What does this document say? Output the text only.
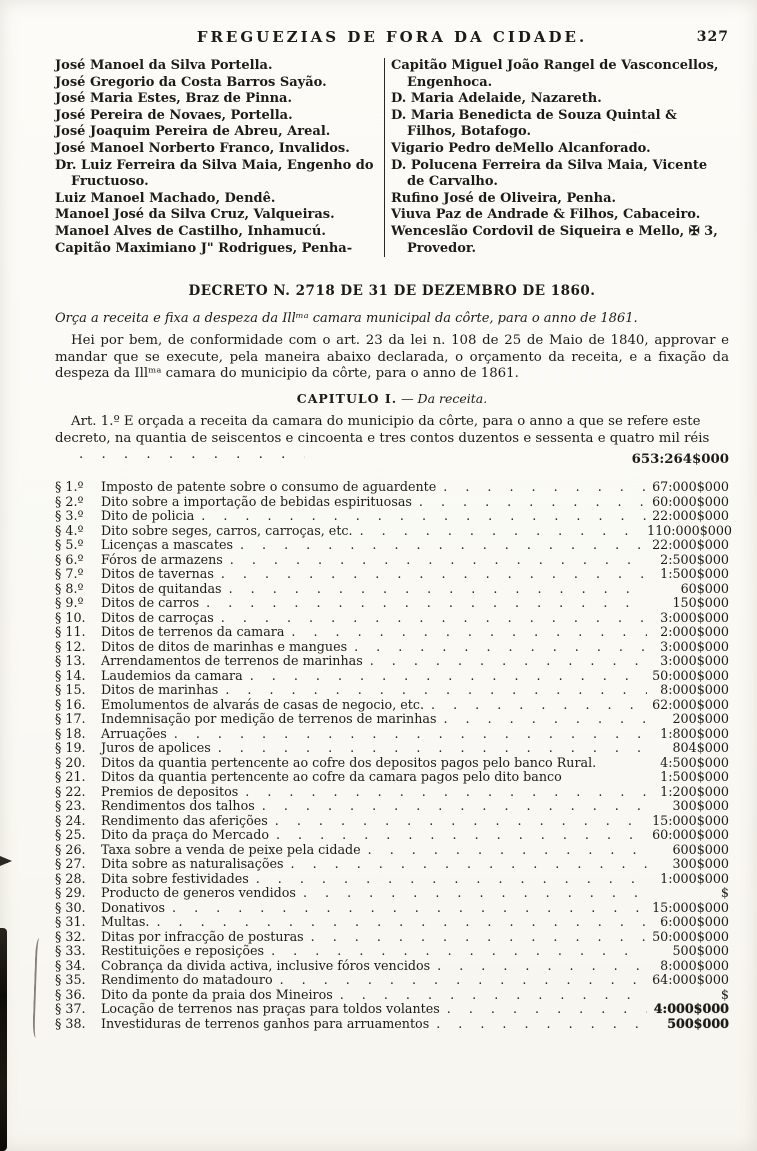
FREGUEZIAS DE FORA DA CIDADE.	327
José Manoel da Silva Portella.
José Gregorio da Costa Barros Sayão.
José Maria Estes, Braz de Pinna.
José Pereira de Novaes, Portella.
José Joaquim Pereira de Abreu, Areal.
José Manoel Norberto Franco, Invalidos.
Dr. Luiz Ferreira da Silva Maia, Engenho do Fructuoso.
Luiz Manoel Machado, Dendê.
Manoel José da Silva Cruz, Valqueiras.
Manoel Alves de Castilho, Inhamucú.
Capitão Maximiano J" Rodrigues, Penha-
Capitão Miguel João Rangel de Vasconcellos, Engenhoca.
D. Maria Adelaide, Nazareth.
D. Maria Benedicta de Souza Quintal & Filhos, Botafogo.
Vigario Pedro deMello Alcanforado.
D. Polucena Ferreira da Silva Maia, Vicente de Carvalho.
Rufino José de Oliveira, Penha.
Viuva Paz de Andrade & Filhos, Cabaceiro.
Wenceslão Cordovil de Siqueira e Mello, ✠ 3, Provedor.
DECRETO N. 2718 DE 31 DE DEZEMBRO DE 1860.
Orça a receita e fixa a despeza da Illᵐᵃ camara municipal da côrte, para o anno de 1861.
Hei por bem, de conformidade com o art. 23 da lei n. 108 de 25 de Maio de 1840, approvar e mandar que se execute, pela maneira abaixo declarada, o orçamento da receita, e a fixação da despeza da Illᵐᵃ camara do municipio da côrte, para o anno de 1861.
CAPITULO I. — Da receita.
Art. 1.º E orçada a receita da camara do municipio da côrte, para o anno a que se refere este decreto, na quantia de seiscentos e cincoenta e tres contos duzentos e sessenta e quatro mil réis . . .
653:264$000
§ 1.º	Imposto de patente sobre o consumo de aguardente . . .	67:000$000
§ 2.º	Dito sobre a importação de bebidas espirituosas . . .	60:000$000
§ 3.º	Dito de policia . . .	22:000$000
§ 4.º	Dito sobre seges, carros, carroças, etc. . . .	110:000$000
§ 5.º	Licenças a mascates . . .	22:000$000
§ 6.º	Fóros de armazens . . .	2:500$000
§ 7.º	Ditos de tavernas . . .	1:500$000
§ 8.º	Ditos de quitandas . . .	60$000
§ 9.º	Ditos de carros . . .	150$000
§ 10.	Ditos de carroças . . .	3:000$000
§ 11.	Ditos de terrenos da camara . . .	2:000$000
§ 12.	Ditos de ditos de marinhas e mangues . . .	3:000$000
§ 13.	Arrendamentos de terrenos de marinhas . . .	3:000$000
§ 14.	Laudemios da camara . . .	50:000$000
§ 15.	Ditos de marinhas . . .	8:000$000
§ 16.	Emolumentos de alvarás de casas de negocio, etc. . . .	62:000$000
§ 17.	Indemnisação por medição de terrenos de marinhas . . .	200$000
§ 18.	Arruações . . .	1:800$000
§ 19.	Juros de apolices . . .	804$000
§ 20.	Ditos da quantia pertencente ao cofre dos depositos pagos pelo banco Rural.	4:500$000
§ 21.	Ditos da quantia pertencente ao cofre da camara pagos pelo dito banco	1:500$000
§ 22.	Premios de depositos . . .	1:200$000
§ 23.	Rendimentos dos talhos . . .	300$000
§ 24.	Rendimento das aferições . . .	15:000$000
§ 25.	Dito da praça do Mercado . . .	60:000$000
§ 26.	Taxa sobre a venda de peixe pela cidade . . .	600$000
§ 27.	Dita sobre as naturalisações . . .	300$000
§ 28.	Dita sobre festividades . . .	1:000$000
§ 29.	Producto de generos vendidos . . .	$
§ 30.	Donativos . . .	15:000$000
§ 31.	Multas. . . .	6:000$000
§ 32.	Ditas por infracção de posturas . . .	50:000$000
§ 33.	Restituições e reposições . . .	500$000
§ 34.	Cobrança da divida activa, inclusive fóros vencidos . . .	8:000$000
§ 35.	Rendimento do matadouro . . .	64:000$000
§ 36.	Dito da ponte da praia dos Mineiros . . .	$
§ 37.	Locação de terrenos nas praças para toldos volantes . . .	4:000$000
§ 38.	Investiduras de terrenos ganhos para arruamentos . . .	500$000
